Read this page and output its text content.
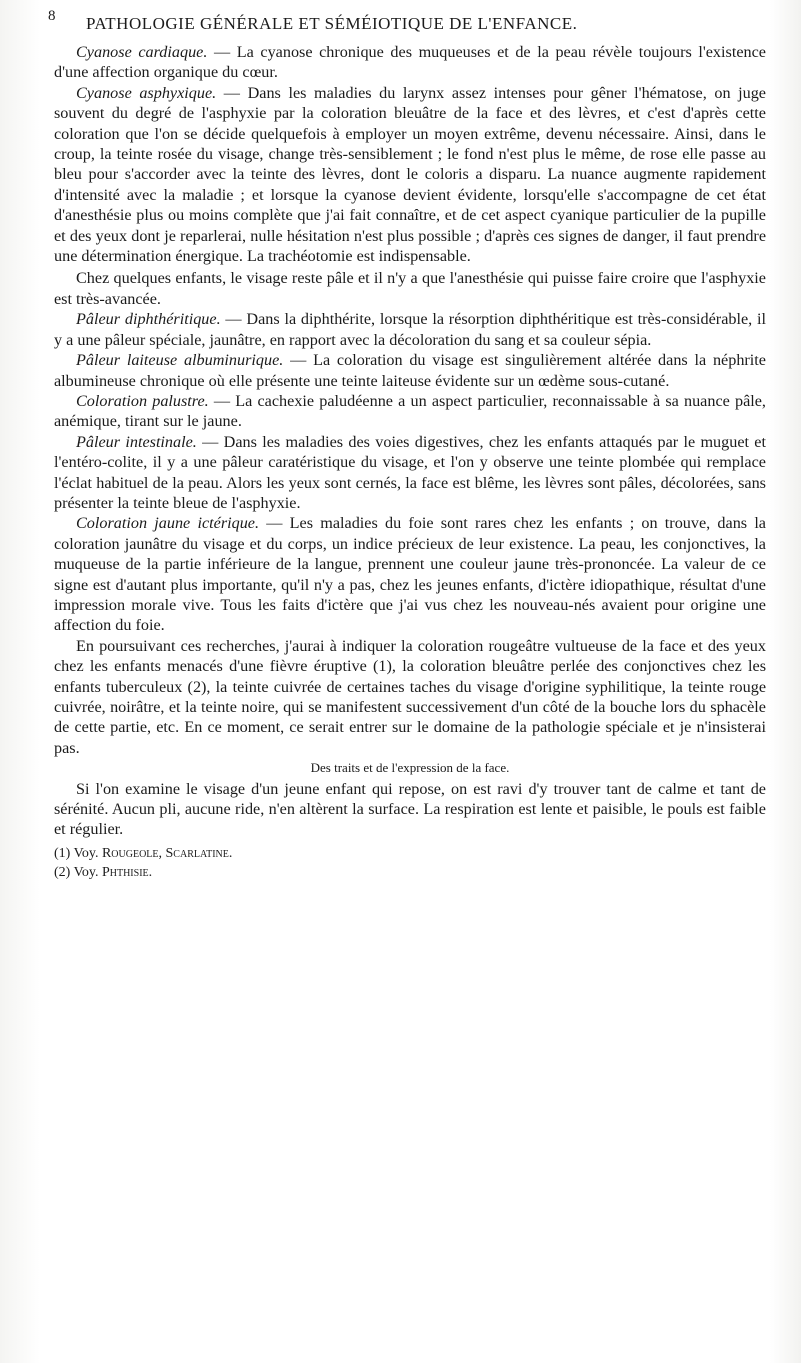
8 PATHOLOGIE GÉNÉRALE ET SÉMÉIOTIQUE DE L'ENFANCE.

Cyanose cardiaque. — La cyanose chronique des muqueuses et de la peau révèle toujours l'existence d'une affection organique du cœur.

Cyanose asphyxique. — Dans les maladies du larynx assez intenses pour gêner l'hématose, on juge souvent du degré de l'asphyxie par la coloration bleuâtre de la face et des lèvres, et c'est d'après cette coloration que l'on se décide quelquefois à employer un moyen extrême, devenu nécessaire. Ainsi, dans le croup, la teinte rosée du visage, change très-sensiblement ; le fond n'est plus le même, de rose elle passe au bleu pour s'accorder avec la teinte des lèvres, dont le coloris a disparu. La nuance augmente rapidement d'intensité avec la maladie ; et lorsque la cyanose devient évidente, lorsqu'elle s'accompagne de cet état d'anesthésie plus ou moins complète que j'ai fait connaître, et de cet aspect cyanique particulier de la pupille et des yeux dont je reparlerai, nulle hésitation n'est plus possible ; d'après ces signes de danger, il faut prendre une détermination énergique. La trachéotomie est indispensable.

Chez quelques enfants, le visage reste pâle et il n'y a que l'anesthésie qui puisse faire croire que l'asphyxie est très-avancée.

Pâleur diphthéritique. — Dans la diphthérite, lorsque la résorption diphthéritique est très-considérable, il y a une pâleur spéciale, jaunâtre, en rapport avec la décoloration du sang et sa couleur sépia.

Pâleur laiteuse albuminurique. — La coloration du visage est singulièrement altérée dans la néphrite albumineuse chronique où elle présente une teinte laiteuse évidente sur un œdème sous-cutané.

Coloration palustre. — La cachexie paludéenne a un aspect particulier, reconnaissable à sa nuance pâle, anémique, tirant sur le jaune.

Pâleur intestinale. — Dans les maladies des voies digestives, chez les enfants attaqués par le muguet et l'entéro-colite, il y a une pâleur caratéristique du visage, et l'on y observe une teinte plombée qui remplace l'éclat habituel de la peau. Alors les yeux sont cernés, la face est blême, les lèvres sont pâles, décolorées, sans présenter la teinte bleue de l'asphyxie.

Coloration jaune ictérique. — Les maladies du foie sont rares chez les enfants ; on trouve, dans la coloration jaunâtre du visage et du corps, un indice précieux de leur existence. La peau, les conjonctives, la muqueuse de la partie inférieure de la langue, prennent une couleur jaune très-prononcée. La valeur de ce signe est d'autant plus importante, qu'il n'y a pas, chez les jeunes enfants, d'ictère idiopathique, résultat d'une impression morale vive. Tous les faits d'ictère que j'ai vus chez les nouveau-nés avaient pour origine une affection du foie.

En poursuivant ces recherches, j'aurai à indiquer la coloration rougeâtre vultueuse de la face et des yeux chez les enfants menacés d'une fièvre éruptive (1), la coloration bleuâtre perlée des conjonctives chez les enfants tuberculeux (2), la teinte cuivrée de certaines taches du visage d'origine syphilitique, la teinte rouge cuivrée, noirâtre, et la teinte noire, qui se manifestent successivement d'un côté de la bouche lors du sphacèle de cette partie, etc. En ce moment, ce serait entrer sur le domaine de la pathologie spéciale et je n'insisterai pas.

Des traits et de l'expression de la face.

Si l'on examine le visage d'un jeune enfant qui repose, on est ravi d'y trouver tant de calme et tant de sérénité. Aucun pli, aucune ride, n'en altèrent la surface. La respiration est lente et paisible, le pouls est faible et régulier.

(1) Voy. Rougeole, Scarlatine.

(2) Voy. Phthisie.
